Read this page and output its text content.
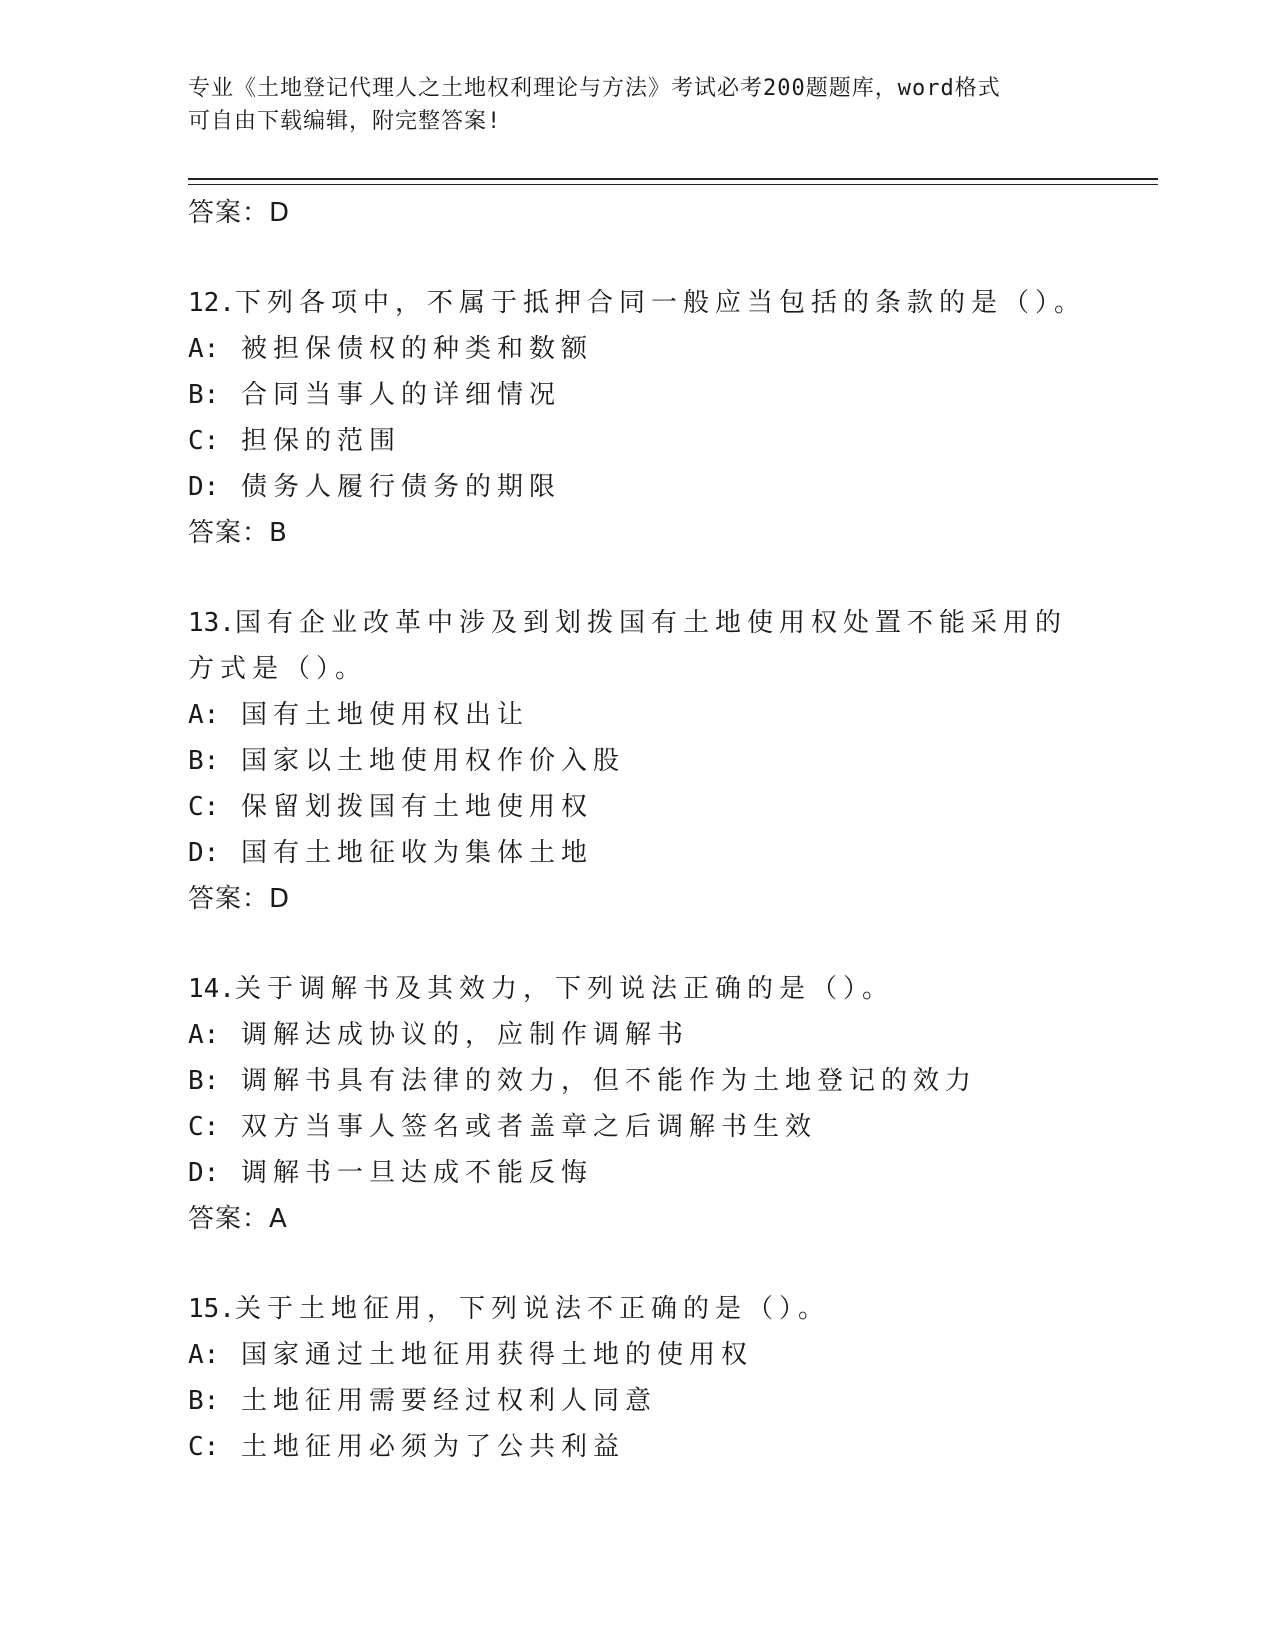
专业《土地登记代理人之土地权利理论与方法》考试必考200题题库，word格式
可自由下载编辑，附完整答案!
答案：D
12.下列各项中，不属于抵押合同一般应当包括的条款的是（）。
A: 被担保债权的种类和数额
B: 合同当事人的详细情况
C: 担保的范围
D: 债务人履行债务的期限
答案：B
13.国有企业改革中涉及到划拨国有土地使用权处置不能采用的方式是（）。
A: 国有土地使用权出让
B: 国家以土地使用权作价入股
C: 保留划拨国有土地使用权
D: 国有土地征收为集体土地
答案：D
14.关于调解书及其效力，下列说法正确的是（）。
A: 调解达成协议的，应制作调解书
B: 调解书具有法律的效力，但不能作为土地登记的效力
C: 双方当事人签名或者盖章之后调解书生效
D: 调解书一旦达成不能反悔
答案：A
15.关于土地征用，下列说法不正确的是（）。
A: 国家通过土地征用获得土地的使用权
B: 土地征用需要经过权利人同意
C: 土地征用必须为了公共利益
